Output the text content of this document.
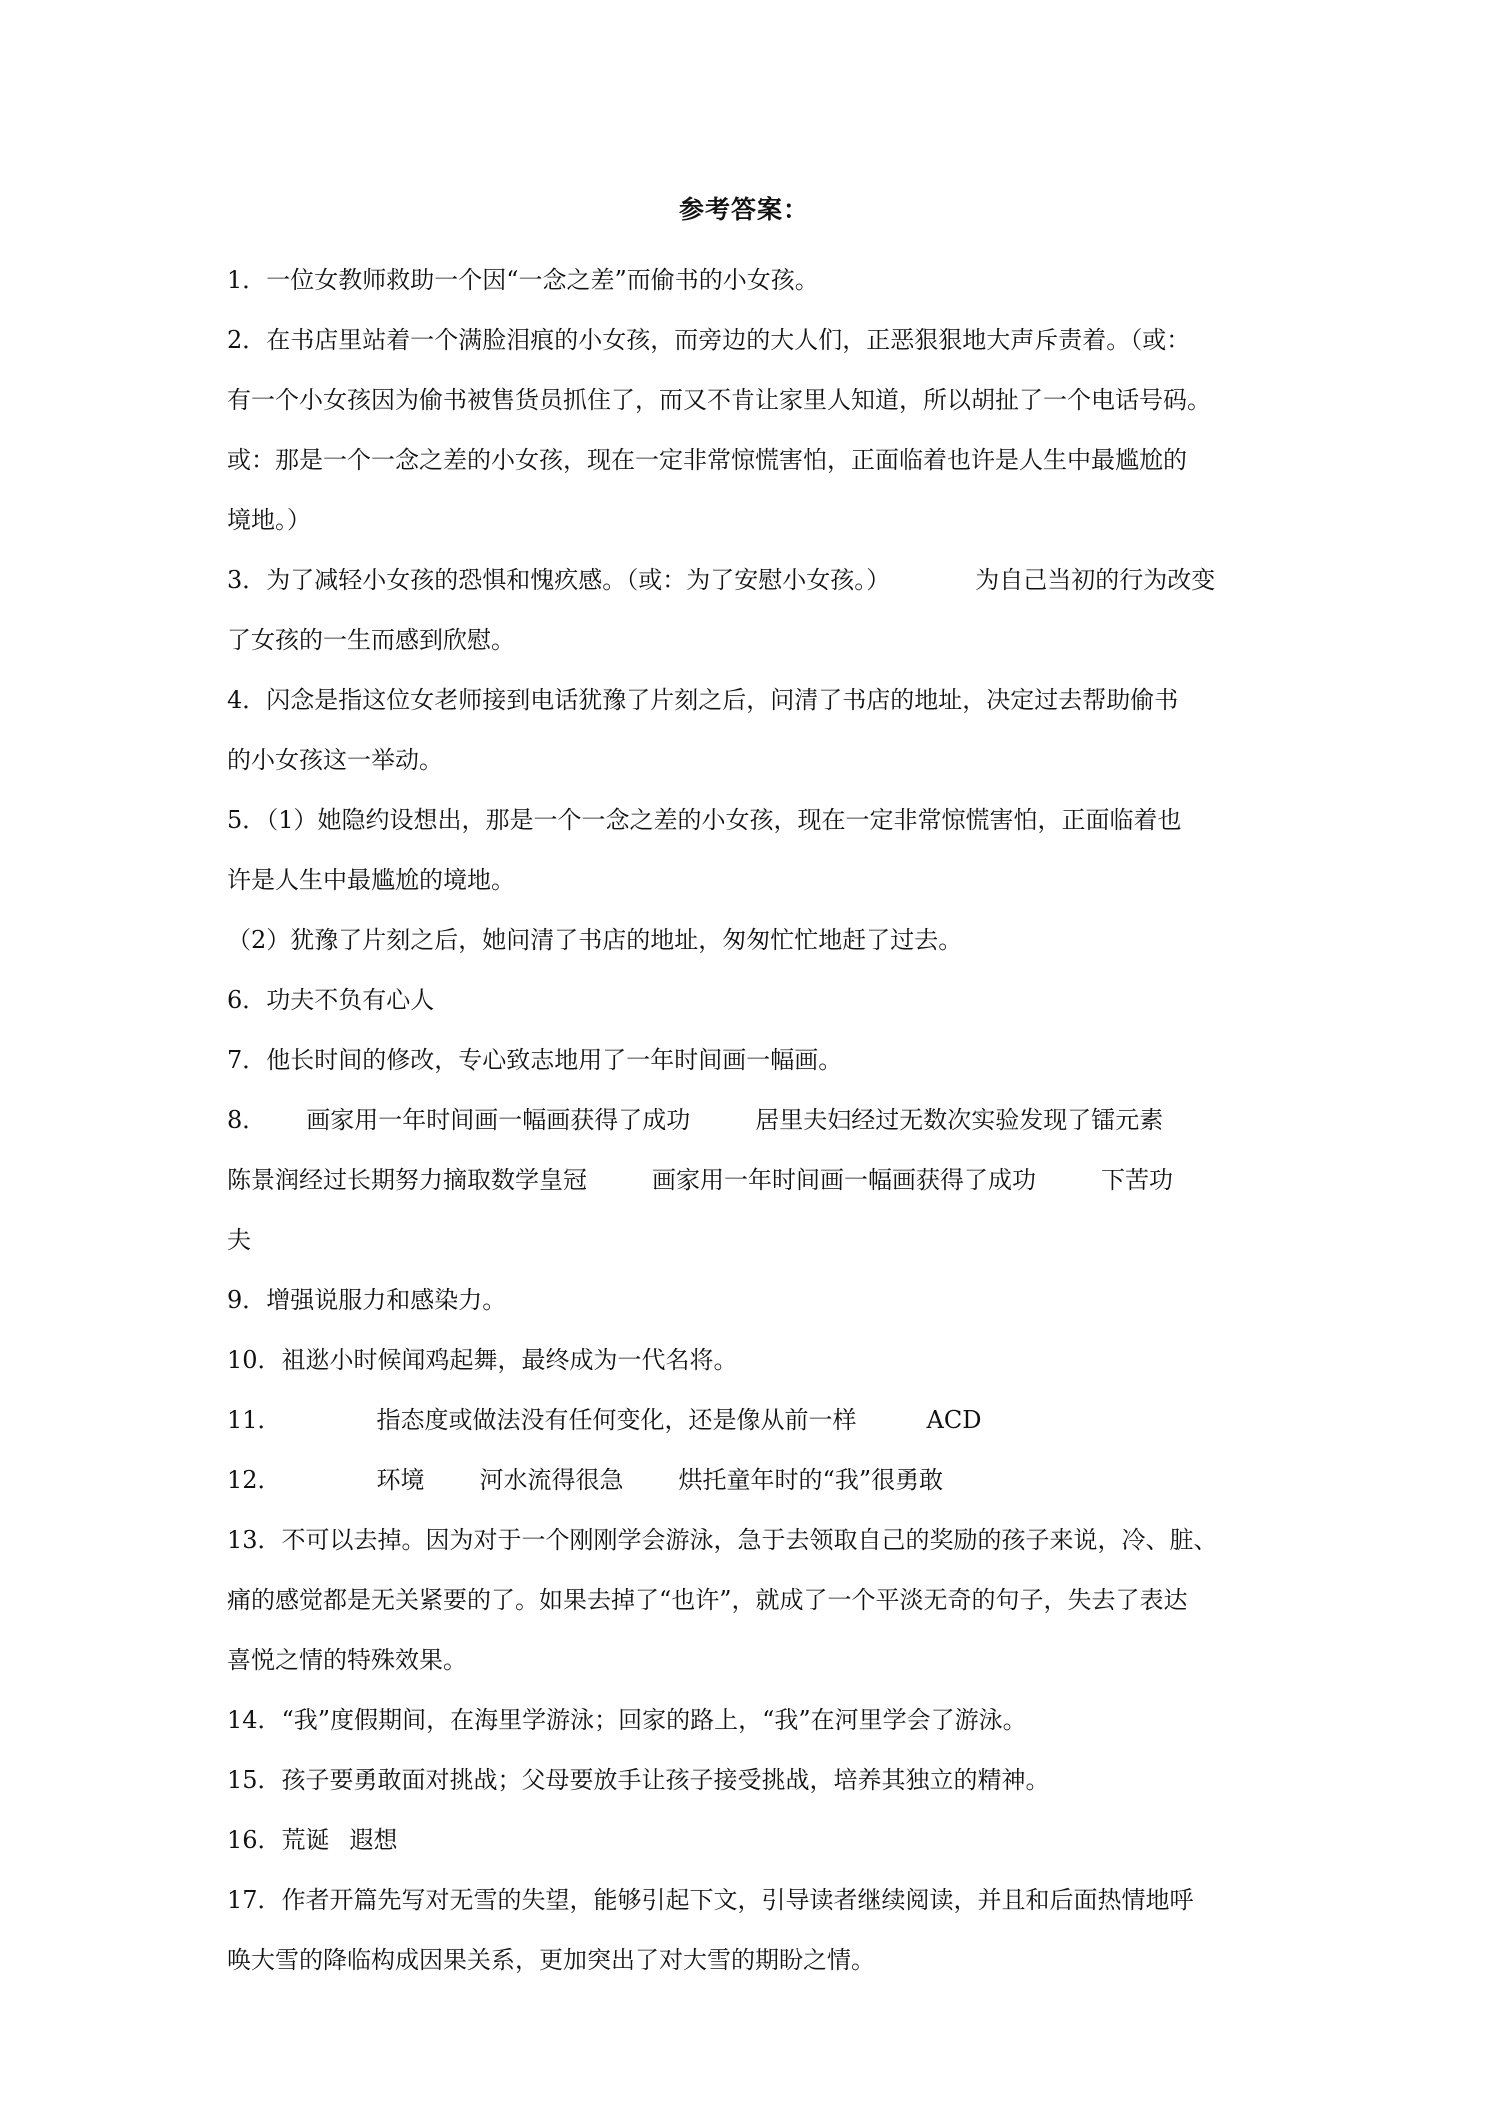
参考答案：
1．一位女教师救助一个因“一念之差”而偷书的小女孩。
2．在书店里站着一个满脸泪痕的小女孩，而旁边的大人们，正恶狠狠地大声斥责着。（或：
有一个小女孩因为偷书被售货员抓住了，而又不肯让家里人知道，所以胡扯了一个电话号码。
或：那是一个一念之差的小女孩，现在一定非常惊慌害怕，正面临着也许是人生中最尴尬的
境地。）
3．为了减轻小女孩的恐惧和愧疚感。（或：为了安慰小女孩。）	为自己当初的行为改变
了女孩的一生而感到欣慰。
4．闪念是指这位女老师接到电话犹豫了片刻之后，问清了书店的地址，决定过去帮助偷书
的小女孩这一举动。
5．（1）她隐约设想出，那是一个一念之差的小女孩，现在一定非常惊慌害怕，正面临着也
许是人生中最尴尬的境地。
（2）犹豫了片刻之后，她问清了书店的地址，匆匆忙忙地赶了过去。
6．功夫不负有心人
7．他长时间的修改，专心致志地用了一年时间画一幅画。
8． 画家用一年时间画一幅画获得了成功	居里夫妇经过无数次实验发现了镭元素
陈景润经过长期努力摘取数学皇冠	画家用一年时间画一幅画获得了成功	下苦功
夫
9．增强说服力和感染力。
10．祖逖小时候闻鸡起舞，最终成为一代名将。
11．	指态度或做法没有任何变化，还是像从前一样	ACD
12．	环境 河水流得很急 烘托童年时的“我”很勇敢
13．不可以去掉。因为对于一个刚刚学会游泳，急于去领取自己的奖励的孩子来说，冷、脏、
痛的感觉都是无关紧要的了。如果去掉了“也许”，就成了一个平淡无奇的句子，失去了表达
喜悦之情的特殊效果。
14．“我”度假期间，在海里学游泳；回家的路上，“我”在河里学会了游泳。
15．孩子要勇敢面对挑战；父母要放手让孩子接受挑战，培养其独立的精神。
16．荒诞 遐想
17．作者开篇先写对无雪的失望，能够引起下文，引导读者继续阅读，并且和后面热情地呼
唤大雪的降临构成因果关系，更加突出了对大雪的期盼之情。
